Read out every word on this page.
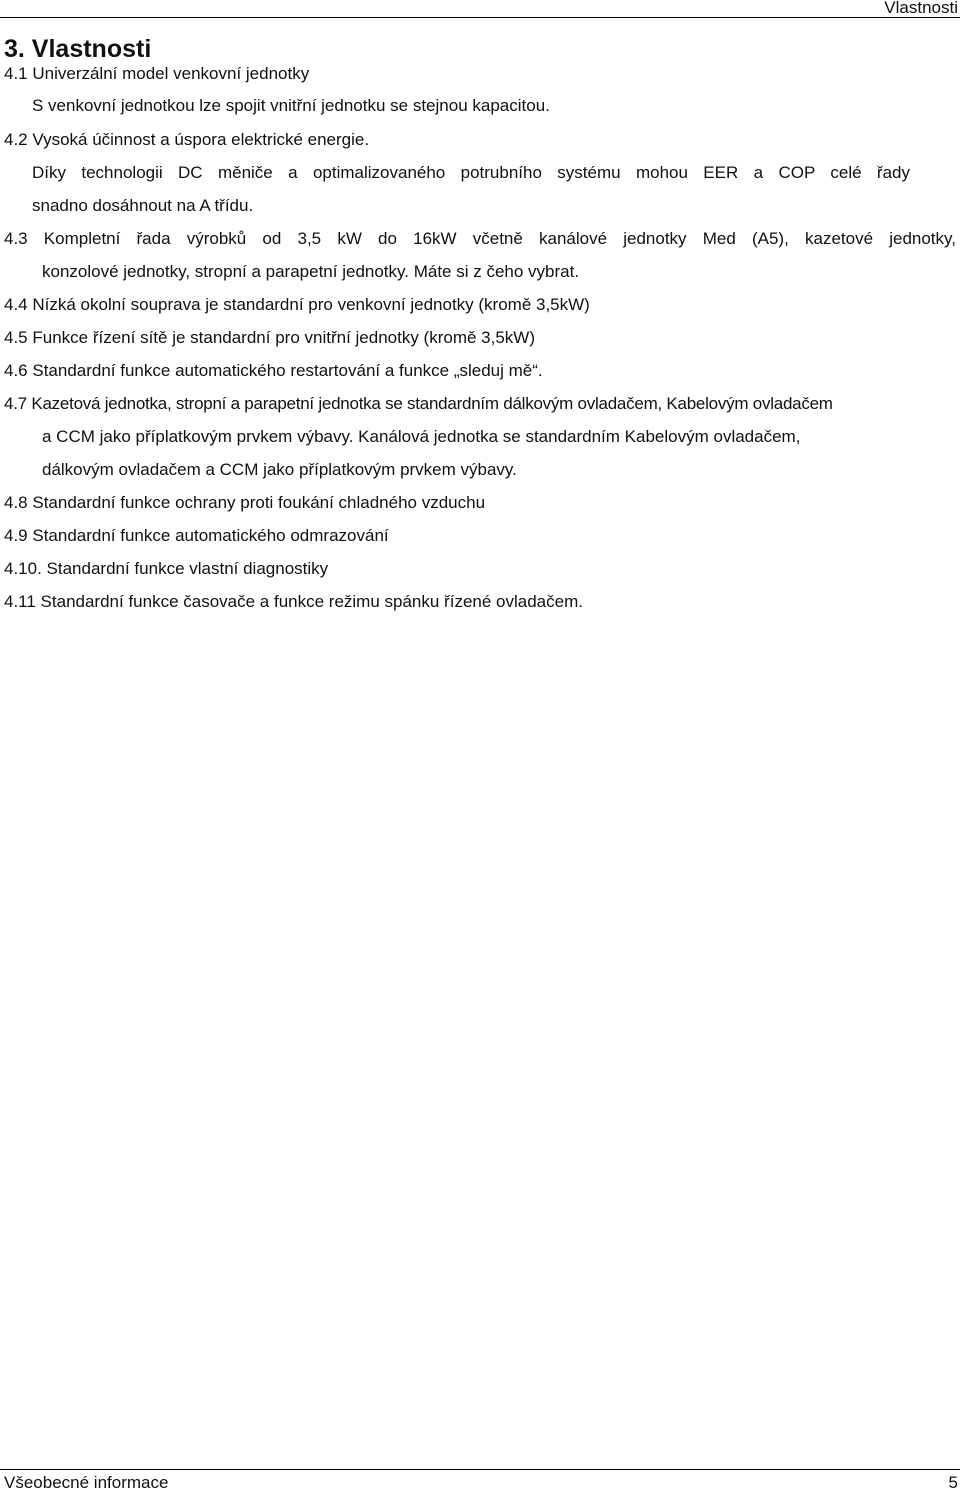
Vlastnosti
3. Vlastnosti
4.1 Univerzální model venkovní jednotky
S venkovní jednotkou lze spojit vnitřní jednotku se stejnou kapacitou.
4.2 Vysoká účinnost a úspora elektrické energie.
Díky technologii DC měniče a optimalizovaného potrubního systému mohou EER a COP celé řady
snadno dosáhnout na A třídu.
4.3 Kompletní řada výrobků od 3,5 kW do 16kW včetně kanálové jednotky Med (A5), kazetové jednotky,
konzolové jednotky, stropní a parapetní jednotky. Máte si z čeho vybrat.
4.4 Nízká okolní souprava je standardní pro venkovní jednotky (kromě 3,5kW)
4.5 Funkce řízení sítě je standardní pro vnitřní jednotky (kromě 3,5kW)
4.6 Standardní funkce automatického restartování a funkce „sleduj mě“.
4.7 Kazetová jednotka, stropní a parapetní jednotka se standardním dálkovým ovladačem, Kabelovým ovladačem
a CCM jako příplatkovým prvkem výbavy. Kanálová jednotka se standardním Kabelovým ovladačem,
dálkovým ovladačem a CCM jako příplatkovým prvkem výbavy.
4.8 Standardní funkce ochrany proti foukání chladného vzduchu
4.9 Standardní funkce automatického odmrazování
4.10. Standardní funkce vlastní diagnostiky
4.11 Standardní funkce časovače a funkce režimu spánku řízené ovladačem.
Všeobecné informace	5
